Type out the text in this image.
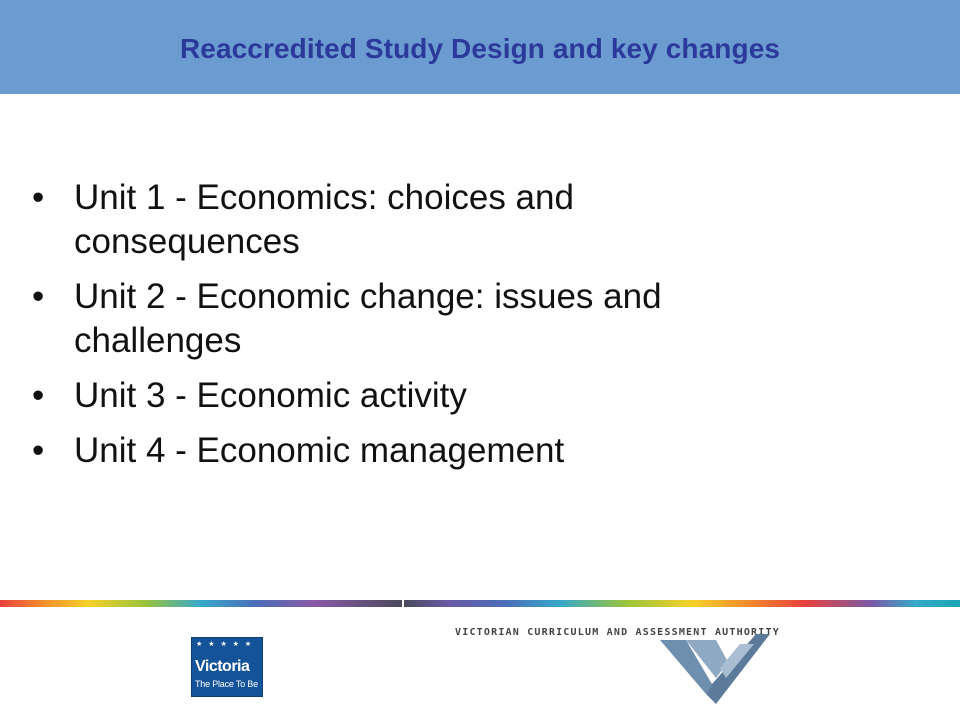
Reaccredited Study Design and key changes
• Unit 1 - Economics: choices and
consequences
• Unit 2 - Economic change: issues and
challenges
• Unit 3 - Economic activity
• Unit 4 - Economic management
★ ★ ★ ★ ★
Victoria
The Place To Be
VICTORIAN CURRICULUM AND ASSESSMENT AUTHORITY
